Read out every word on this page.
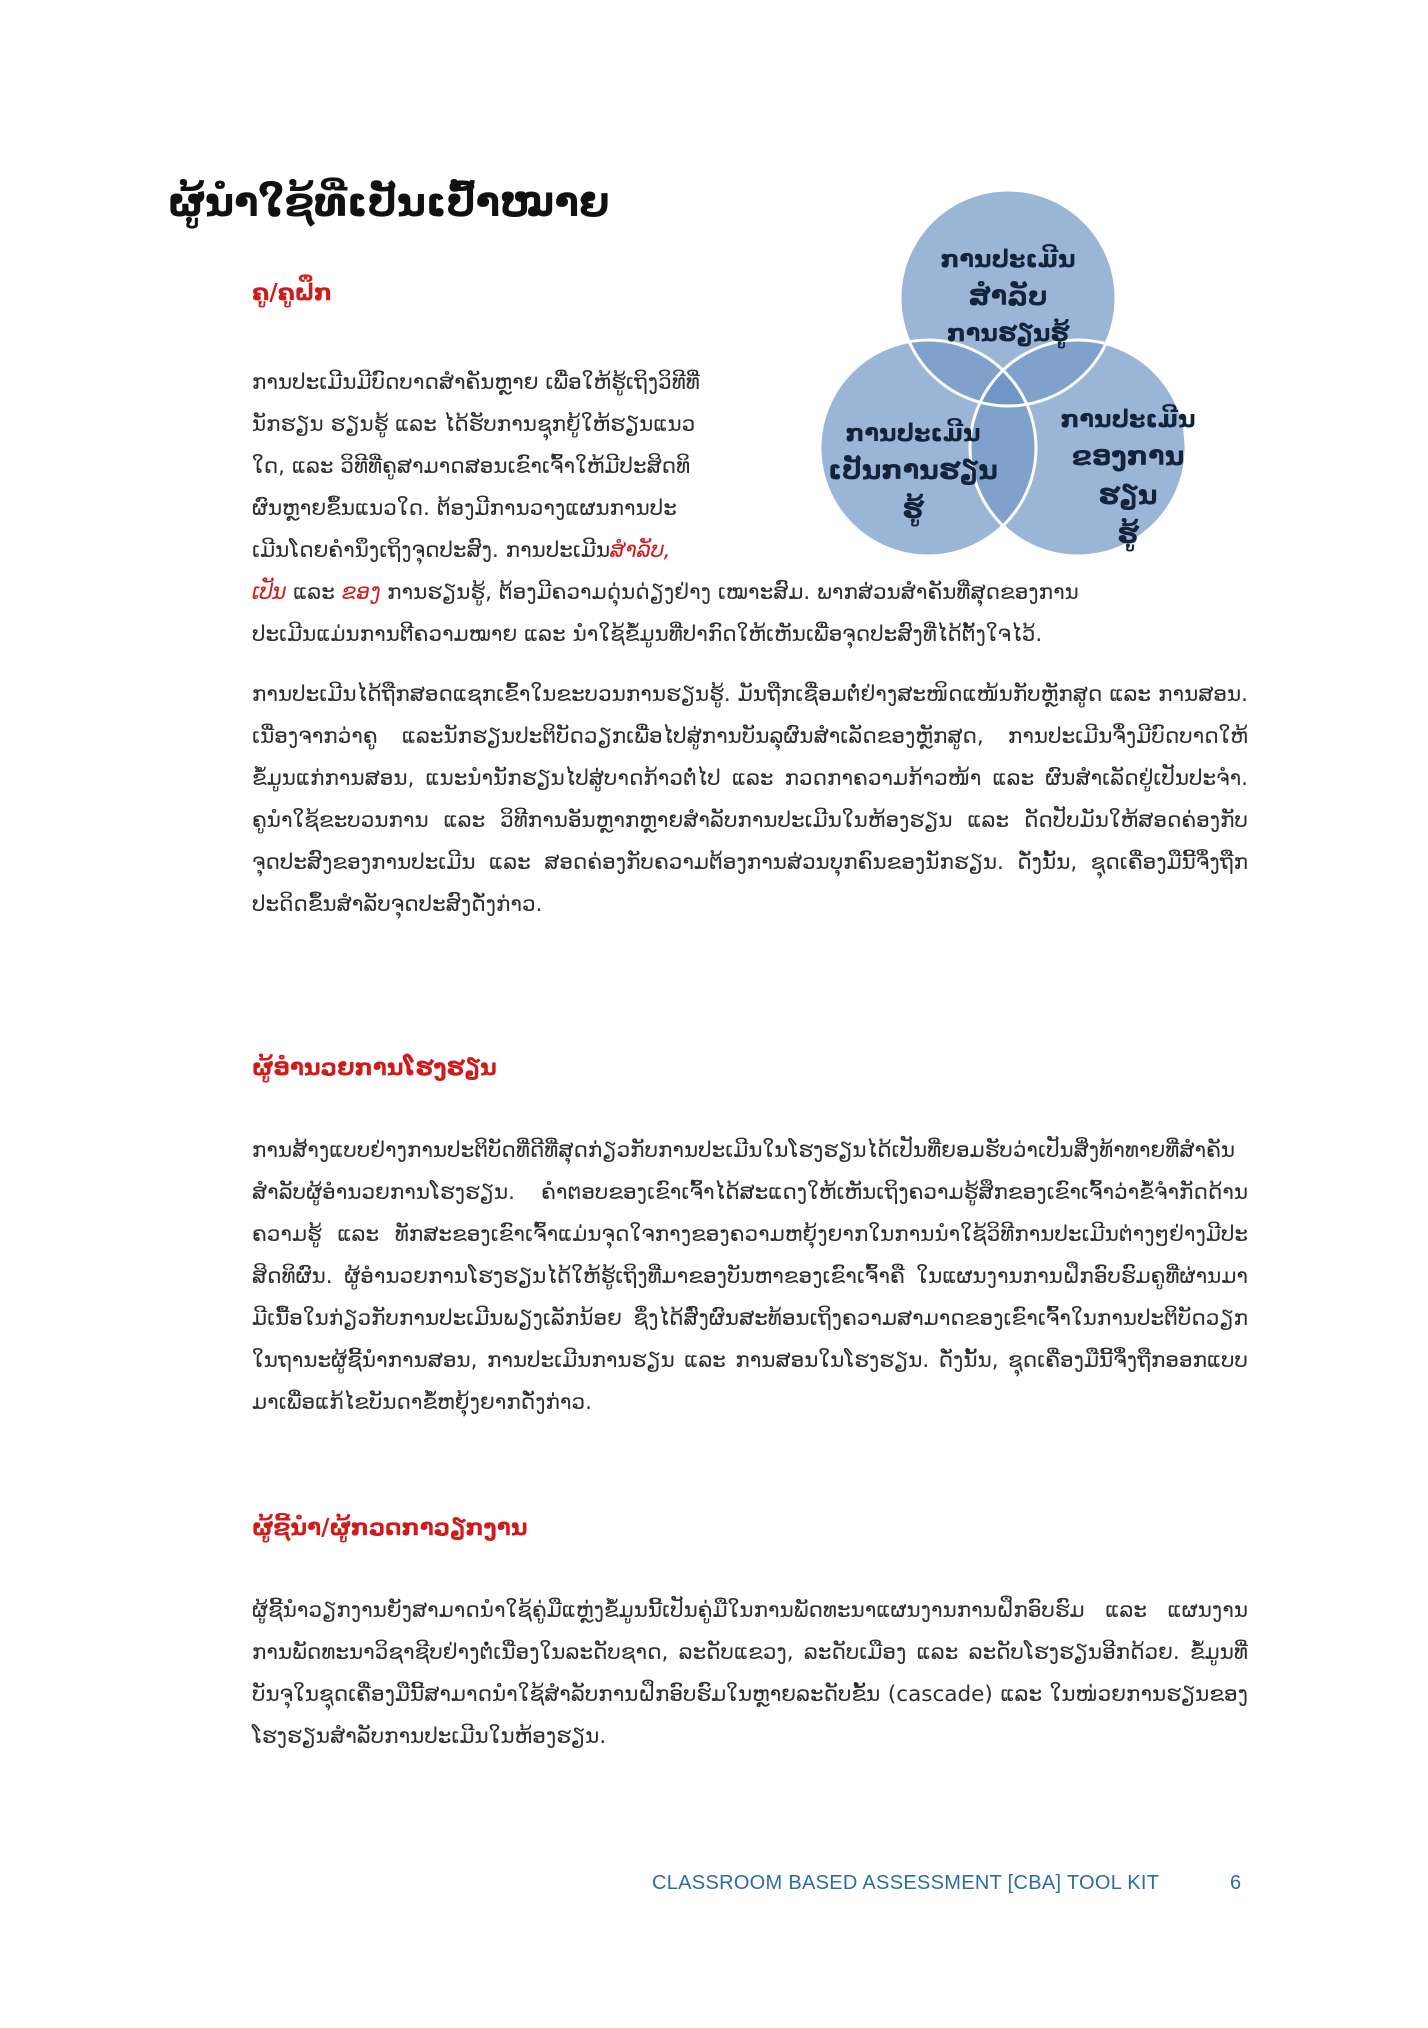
ຜູ້ນຳໃຊ້ທີ່ເປັນເປົ້າໝາຍ
ການປະເມີນສຳລັບ
ການຮຽນຮູ້
ການປະເມີນ
ເປັນການຮຽນຮູ້
ການປະເມີນ
ຂອງການຮຽນ
ຮູ້
ຄູ/ຄູຝຶກ
ການປະເມີນມີບົດບາດສຳຄັນຫຼາຍ ເພື່ອໃຫ້ຮູ້ເຖິງວິທີທີ່
ນັກຮຽນ ຮຽນຮູ້ ແລະ ໄດ້ຮັບການຊຸກຍູ້ໃຫ້ຮຽນແນວ
ໃດ, ແລະ ວິທີທີ່ຄູສາມາດສອນເຂົາເຈົ້າໃຫ້ມີປະສິດທິ
ຜົນຫຼາຍຂຶ້ນແນວໃດ. ຕ້ອງມີການວາງແຜນການປະ
ເມີນໂດຍຄຳນຶງເຖິງຈຸດປະສົງ. ການປະເມີນສຳລັບ,
ເປັນ ແລະ ຂອງ ການຮຽນຮູ້, ຕ້ອງມີຄວາມດຸ່ນດ່ຽງຢ່າງ ເໝາະສົມ. ພາກສ່ວນສຳຄັນທີ່ສຸດຂອງການ
ປະເມີນແມ່ນການຕີຄວາມໝາຍ ແລະ ນຳໃຊ້ຂໍ້ມູນທີ່ປາກົດໃຫ້ເຫັນເພື່ອຈຸດປະສົງທີ່ໄດ້ຕັ້ງໃຈໄວ້.

ການປະເມີນໄດ້ຖືກສອດແຊກເຂົ້າໃນຂະບວນການຮຽນຮູ້. ມັນຖືກເຊື່ອມຕໍ່ຢ່າງສະໜິດແໜ້ນກັບຫຼັກສູດ ແລະ ການສອນ. ເນື່ອງຈາກວ່າຄູ ແລະນັກຮຽນປະຕິບັດວຽກເພື່ອໄປສູ່ການບັນລຸຜົນສຳເລັດຂອງຫຼັກສູດ, ການປະເມີນຈຶ່ງມີບົດບາດໃຫ້ຂໍ້ມູນແກ່ການສອນ, ແນະນຳນັກຮຽນໄປສູ່ບາດກ້າວຕໍ່ໄປ ແລະ ກວດກາຄວາມກ້າວໜ້າ ແລະ ຜົນສຳເລັດຢູ່ເປັນປະຈຳ. ຄູນຳໃຊ້ຂະບວນການ ແລະ ວິທີການອັນຫຼາກຫຼາຍສຳລັບການປະເມີນໃນຫ້ອງຮຽນ ແລະ ດັດປັບມັນໃຫ້ສອດຄ່ອງກັບຈຸດປະສົງຂອງການປະເມີນ ແລະ ສອດຄ່ອງກັບຄວາມຕ້ອງການສ່ວນບຸກຄົນຂອງນັກຮຽນ. ດັ່ງນັ້ນ, ຊຸດເຄື່ອງມືນີ້ຈຶ່ງຖືກປະດິດຂຶ້ນສຳລັບຈຸດປະສົງດັ່ງກ່າວ.

ຜູ້ອຳນວຍການໂຮງຮຽນ

ການສ້າງແບບຢ່າງການປະຕິບັດທີ່ດີທີ່ສຸດກ່ຽວກັບການປະເມີນໃນໂຮງຮຽນໄດ້ເປັນທີ່ຍອມຮັບວ່າເປັນສິ່ງທ້າທາຍທີ່ສຳຄັນສຳລັບຜູ້ອຳນວຍການໂຮງຮຽນ. ຄຳຕອບຂອງເຂົາເຈົ້າໄດ້ສະແດງໃຫ້ເຫັນເຖິງຄວາມຮູ້ສຶກຂອງເຂົາເຈົ້າວ່າຂໍ້ຈຳກັດດ້ານຄວາມຮູ້ ແລະ ທັກສະຂອງເຂົາເຈົ້າແມ່ນຈຸດໃຈກາງຂອງຄວາມຫຍຸ້ງຍາກໃນການນຳໃຊ້ວິທີການປະເມີນຕ່າງໆຢ່າງມີປະສິດທິຜົນ. ຜູ້ອຳນວຍການໂຮງຮຽນໄດ້ໃຫ້ຮູ້ເຖິງທີ່ມາຂອງບັນຫາຂອງເຂົາເຈົ້າຄື ໃນແຜນງານການຝຶກອົບຮົມຄູທີ່ຜ່ານມາມີເນື້ອໃນກ່ຽວກັບການປະເມີນພຽງເລັກນ້ອຍ ຊຶ່ງໄດ້ສົ່ງຜົນສະທ້ອນເຖິງຄວາມສາມາດຂອງເຂົາເຈົ້າໃນການປະຕິບັດວຽກໃນຖານະຜູ້ຊີ້ນຳການສອນ, ການປະເມີນການຮຽນ ແລະ ການສອນໃນໂຮງຮຽນ. ດັ່ງນັ້ນ, ຊຸດເຄື່ອງມືນີ້ຈຶ່ງຖືກອອກແບບມາເພື່ອແກ້ໄຂບັນດາຂໍ້ຫຍຸ້ງຍາກດັ່ງກ່າວ.

ຜູ້ຊີ້ນຳ/ຜູ້ກວດກາວຽກງານ

ຜູ້ຊີ້ນຳວຽກງານຍັງສາມາດນຳໃຊ້ຄູ່ມືແຫຼ່ງຂໍ້ມູນນີ້ເປັນຄູ່ມືໃນການພັດທະນາແຜນງານການຝຶກອົບຮົມ ແລະ ແຜນງານການພັດທະນາວິຊາຊີບຢ່າງຕໍ່ເນື່ອງໃນລະດັບຊາດ, ລະດັບແຂວງ, ລະດັບເມືອງ ແລະ ລະດັບໂຮງຮຽນອີກດ້ວຍ. ຂໍ້ມູນທີ່ບັນຈຸໃນຊຸດເຄື່ອງມືນີ້ສາມາດນຳໃຊ້ສຳລັບການຝຶກອົບຮົມໃນຫຼາຍລະດັບຂັ້ນ (cascade) ແລະ ໃນໜ່ວຍການຮຽນຂອງໂຮງຮຽນສຳລັບການປະເມີນໃນຫ້ອງຮຽນ.

CLASSROOM BASED ASSESSMENT [CBA] TOOL KIT	6
